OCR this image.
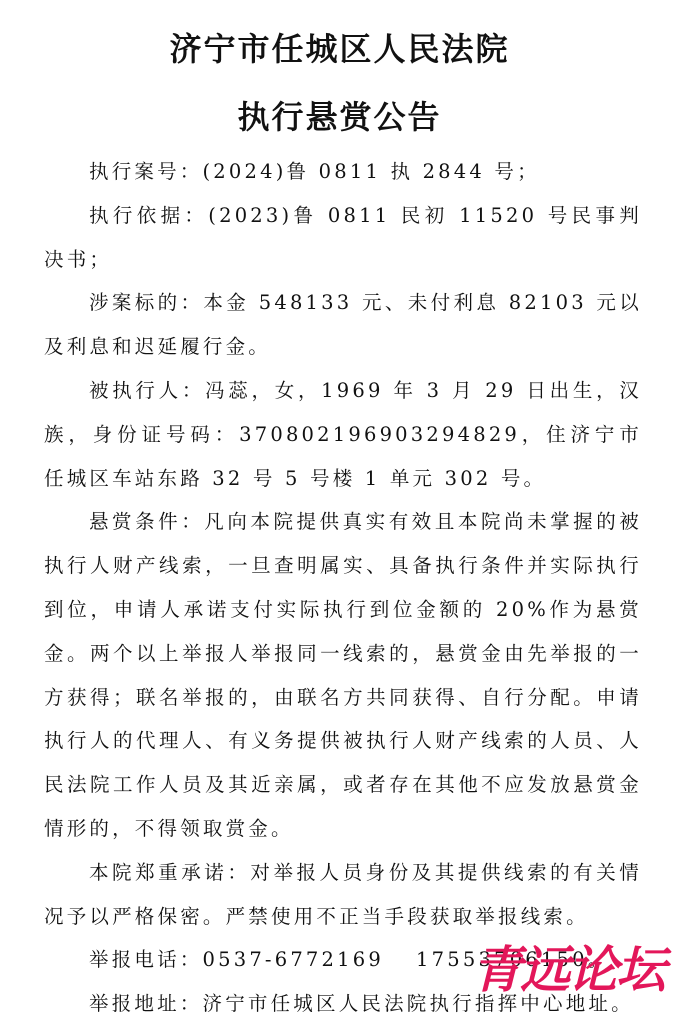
济宁市任城区人民法院
执行悬赏公告

执行案号：(2024)鲁 0811 执 2844 号；

执行依据：(2023)鲁 0811 民初 11520 号民事判决书；

涉案标的：本金 548133 元、未付利息 82103 元以及利息和迟延履行金。

被执行人：冯蕊，女，1969 年 3 月 29 日出生，汉族，身份证号码：370802196903294829，住济宁市任城区车站东路 32 号 5 号楼 1 单元 302 号。

悬赏条件：凡向本院提供真实有效且本院尚未掌握的被执行人财产线索，一旦查明属实、具备执行条件并实际执行到位，申请人承诺支付实际执行到位金额的 20%作为悬赏金。两个以上举报人举报同一线索的，悬赏金由先举报的一方获得；联名举报的，由联名方共同获得、自行分配。申请执行人的代理人、有义务提供被执行人财产线索的人员、人民法院工作人员及其近亲属，或者存在其他不应发放悬赏金情形的，不得领取赏金。

本院郑重承诺：对举报人员身份及其提供线索的有关情况予以严格保密。严禁使用不正当手段获取举报线索。

举报电话：0537-6772169　 17553706150。

举报地址：济宁市任城区人民法院执行指挥中心地址。

青远论坛
